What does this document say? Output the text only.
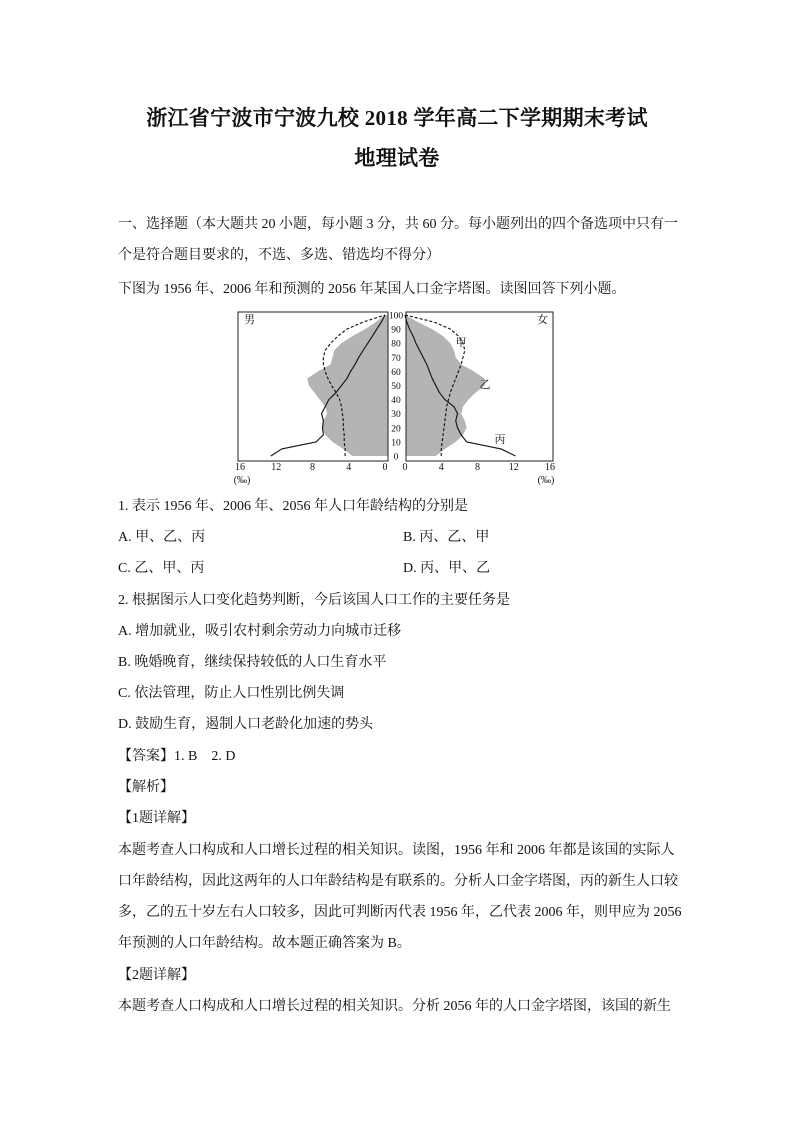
浙江省宁波市宁波九校 2018 学年高二下学期期末考试
地理试卷
一、选择题（本大题共 20 小题，每小题 3 分，共 60 分。每小题列出的四个备选项中只有一
个是符合题目要求的，不选、多选、错选均不得分）
下图为 1956 年、2006 年和预测的 2056 年某国人口金字塔图。读图回答下列小题。
甲
乙
丙
男	女
0
10
20
30
40
50
60
70
80
90
100
16	12	8	4	0 0	4	8	12	16
(‰)	(‰)
1. 表示 1956 年、2006 年、2056 年人口年龄结构的分别是
A. 甲、乙、丙	B. 丙、乙、甲
C. 乙、甲、丙	D. 丙、甲、乙
2. 根据图示人口变化趋势判断，今后该国人口工作的主要任务是
A. 增加就业，吸引农村剩余劳动力向城市迁移
B. 晚婚晚育，继续保持较低的人口生育水平
C. 依法管理，防止人口性别比例失调
D. 鼓励生育，遏制人口老龄化加速的势头
【答案】1. B    2. D
【解析】
【1题详解】
本题考查人口构成和人口增长过程的相关知识。读图，1956 年和 2006 年都是该国的实际人
口年龄结构，因此这两年的人口年龄结构是有联系的。分析人口金字塔图，丙的新生人口较
多，乙的五十岁左右人口较多，因此可判断丙代表 1956 年，乙代表 2006 年，则甲应为 2056
年预测的人口年龄结构。故本题正确答案为 B。
【2题详解】
本题考查人口构成和人口增长过程的相关知识。分析 2056 年的人口金字塔图，该国的新生
